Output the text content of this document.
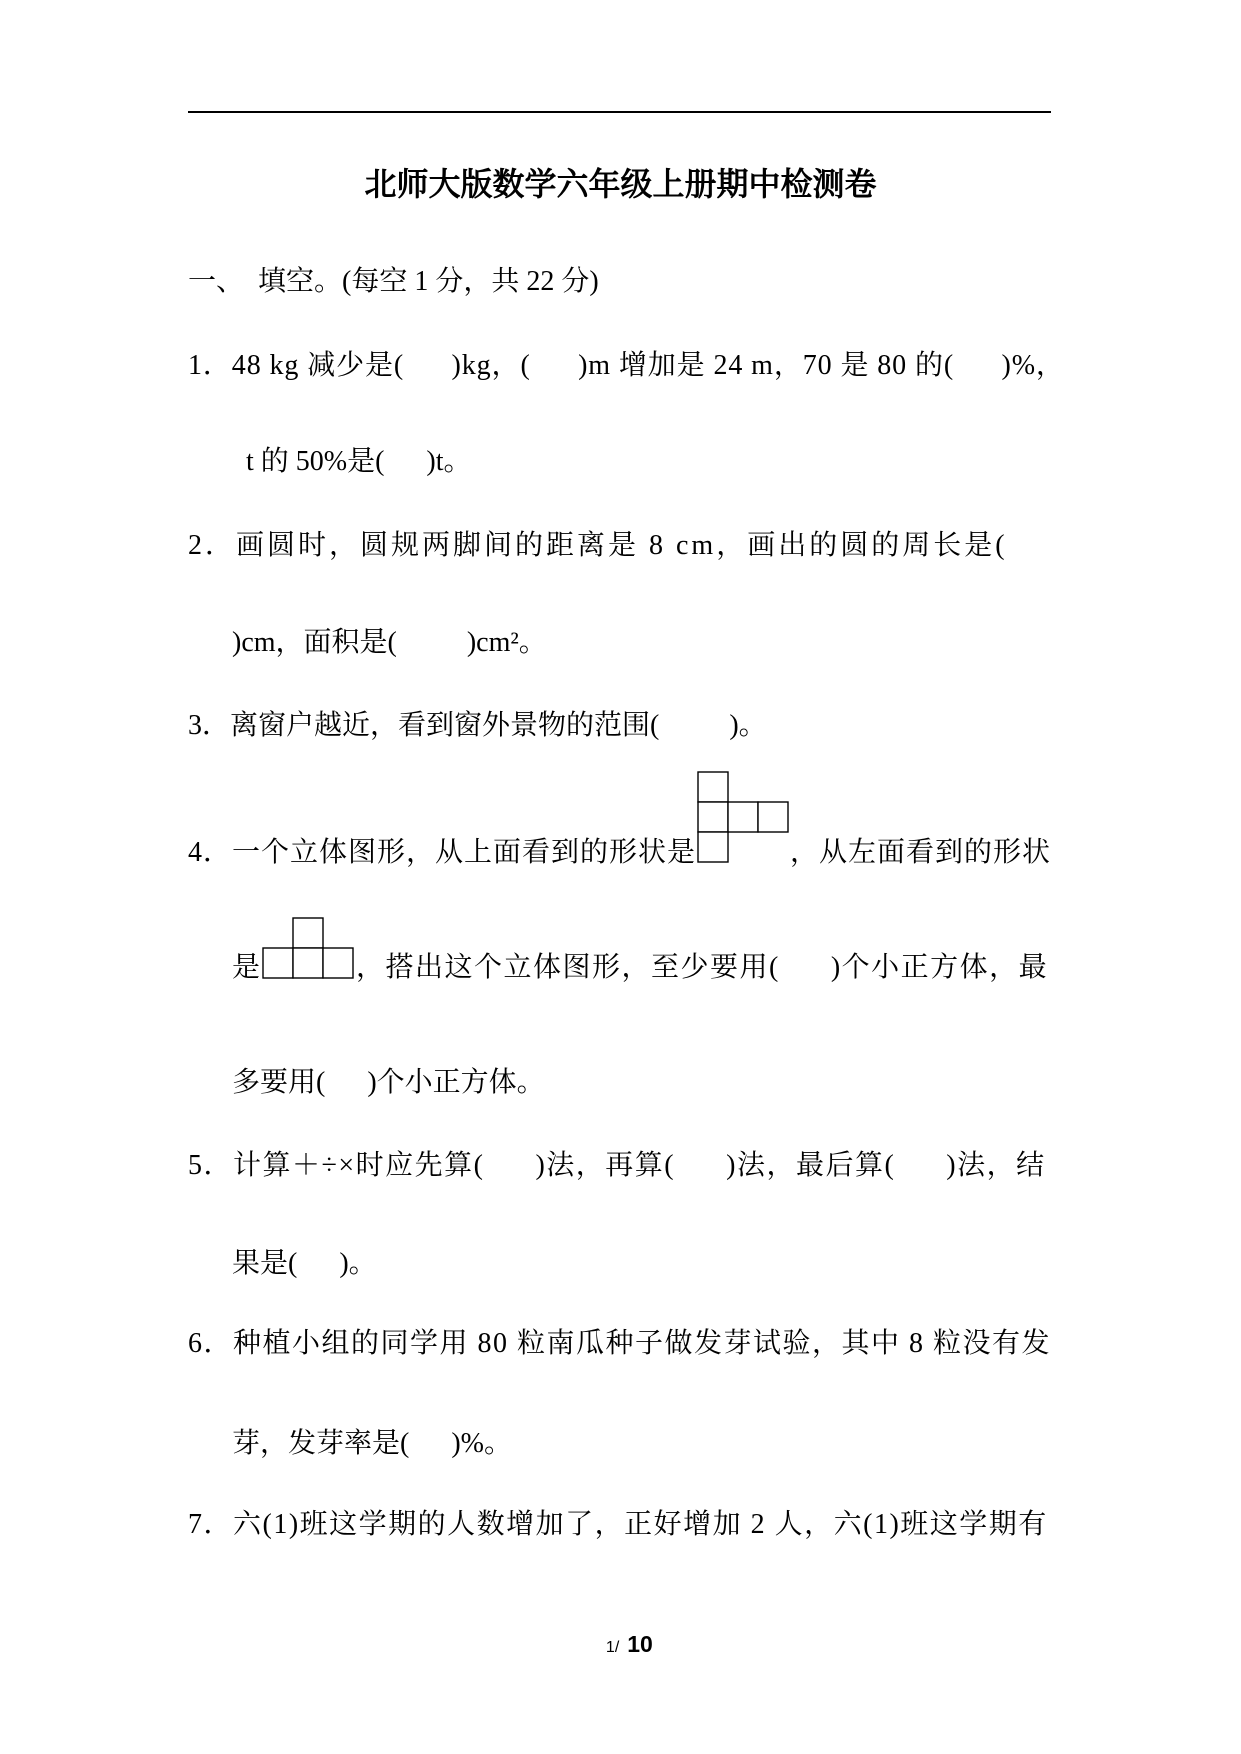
北师大版数学六年级上册期中检测卷
一、  填空。(每空 1 分，共 22 分)
1．48 kg 减少是(      )kg，(      )m 增加是 24 m，70 是 80 的(      )%，
t 的 50%是(      )t。
2．画圆时，圆规两脚间的距离是 8 cm，画出的圆的周长是(
)cm，面积是(          )cm²。
3．离窗户越近，看到窗外景物的范围(          )。
4．一个立体图形，从上面看到的形状是	，从左面看到的形状
是	，搭出这个立体图形，至少要用(      )个小正方体，最
多要用(      )个小正方体。
5．计算＋÷×时应先算(      )法，再算(      )法，最后算(      )法，结
果是(      )。
6．种植小组的同学用 80 粒南瓜种子做发芽试验，其中 8 粒没有发
芽，发芽率是(      )%。
7．六(1)班这学期的人数增加了，正好增加 2 人，六(1)班这学期有

1/ 10
